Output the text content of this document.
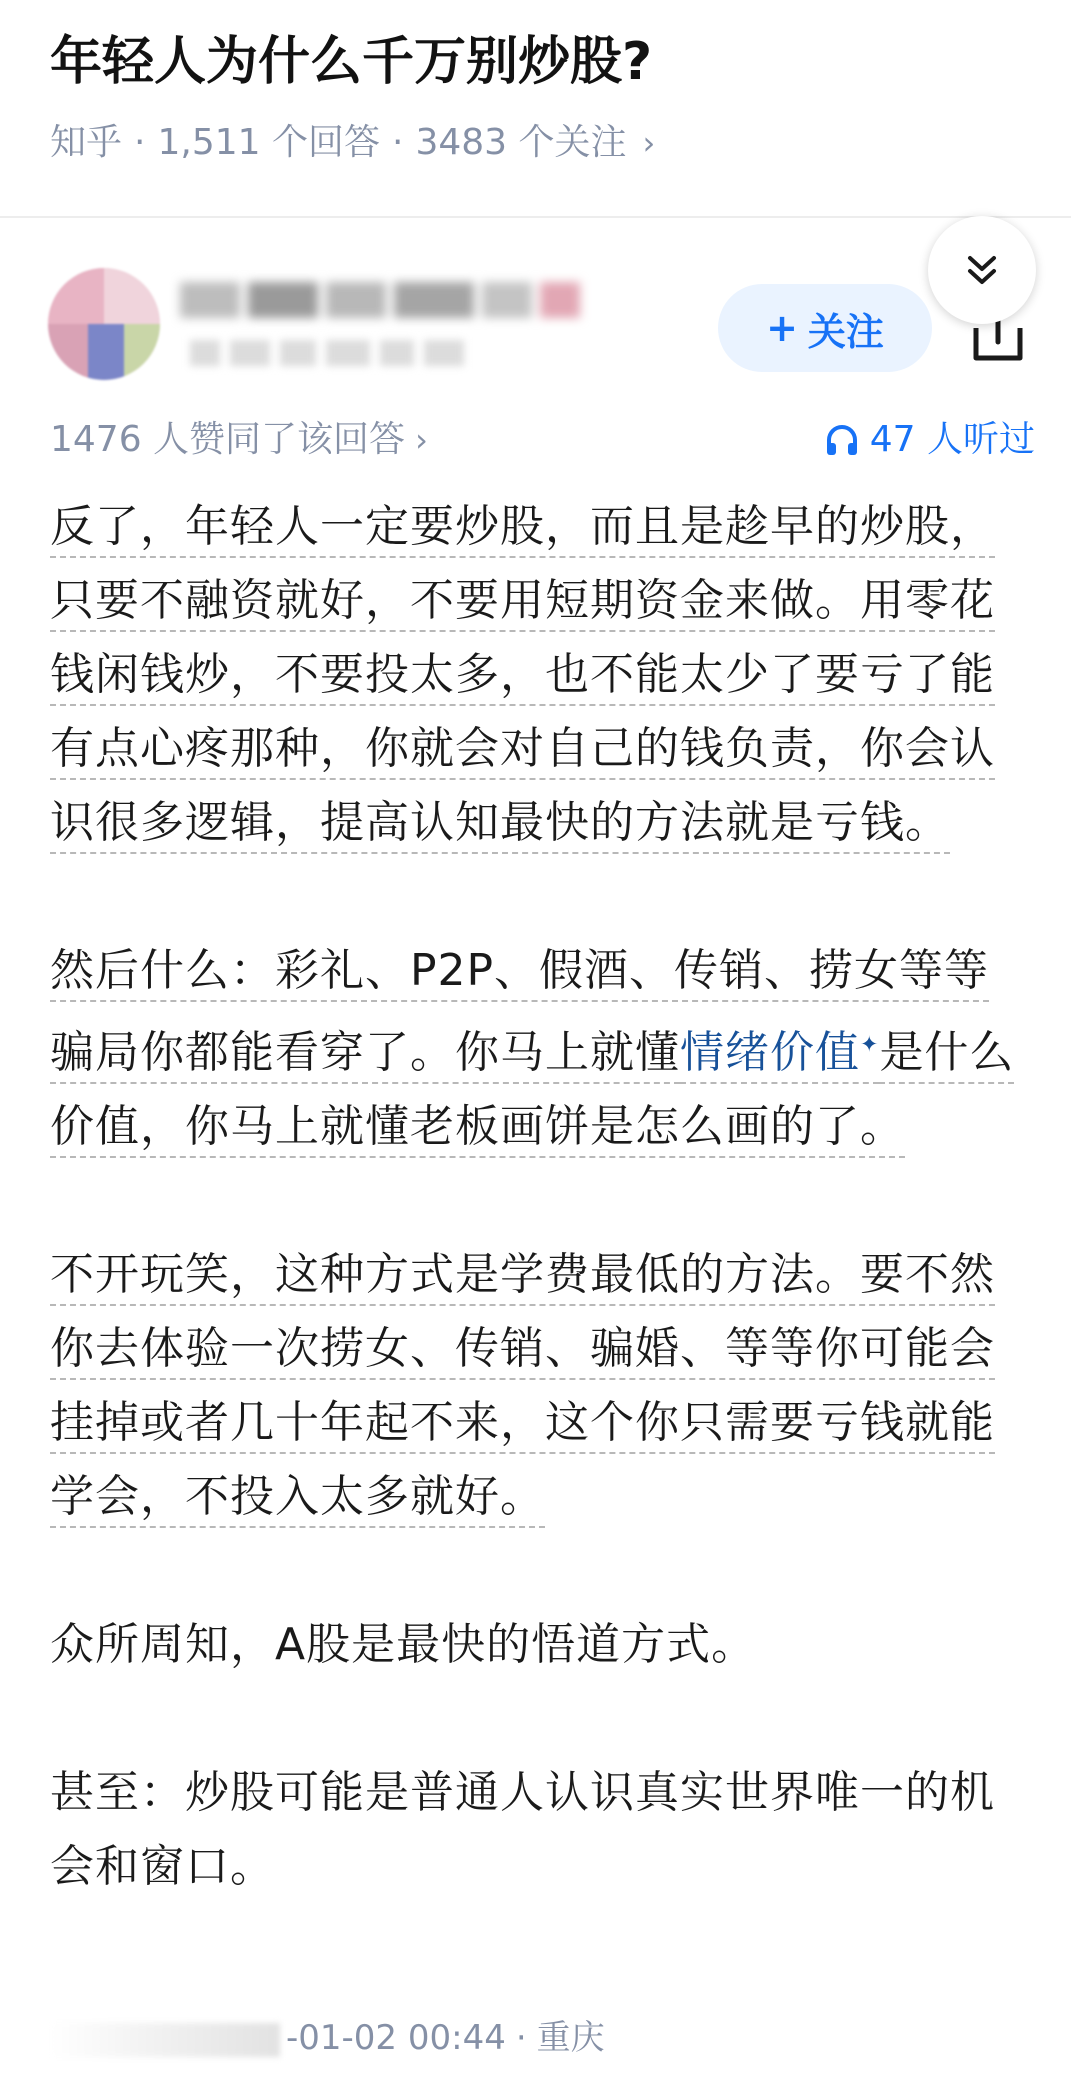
年轻人为什么千万别炒股?
知乎 · 1,511 个回答 · 3483 个关注 ›
+ 关注
1476 人赞同了该回答 ›	47 人听过

反了，年轻人一定要炒股，而且是趁早的炒股，只要不融资就好，不要用短期资金来做。用零花钱闲钱炒，不要投太多，也不能太少了要亏了能有点心疼那种，你就会对自己的钱负责，你会认识很多逻辑，提高认知最快的方法就是亏钱。

然后什么：彩礼、P2P、假酒、传销、捞女等等骗局你都能看穿了。你马上就懂情绪价值✦是什么价值，你马上就懂老板画饼是怎么画的了。

不开玩笑，这种方式是学费最低的方法。要不然你去体验一次捞女、传销、骗婚、等等你可能会挂掉或者几十年起不来，这个你只需要亏钱就能学会，不投入太多就好。

众所周知，A股是最快的悟道方式。

甚至：炒股可能是普通人认识真实世界唯一的机会和窗口。

-01-02 00:44 · 重庆
